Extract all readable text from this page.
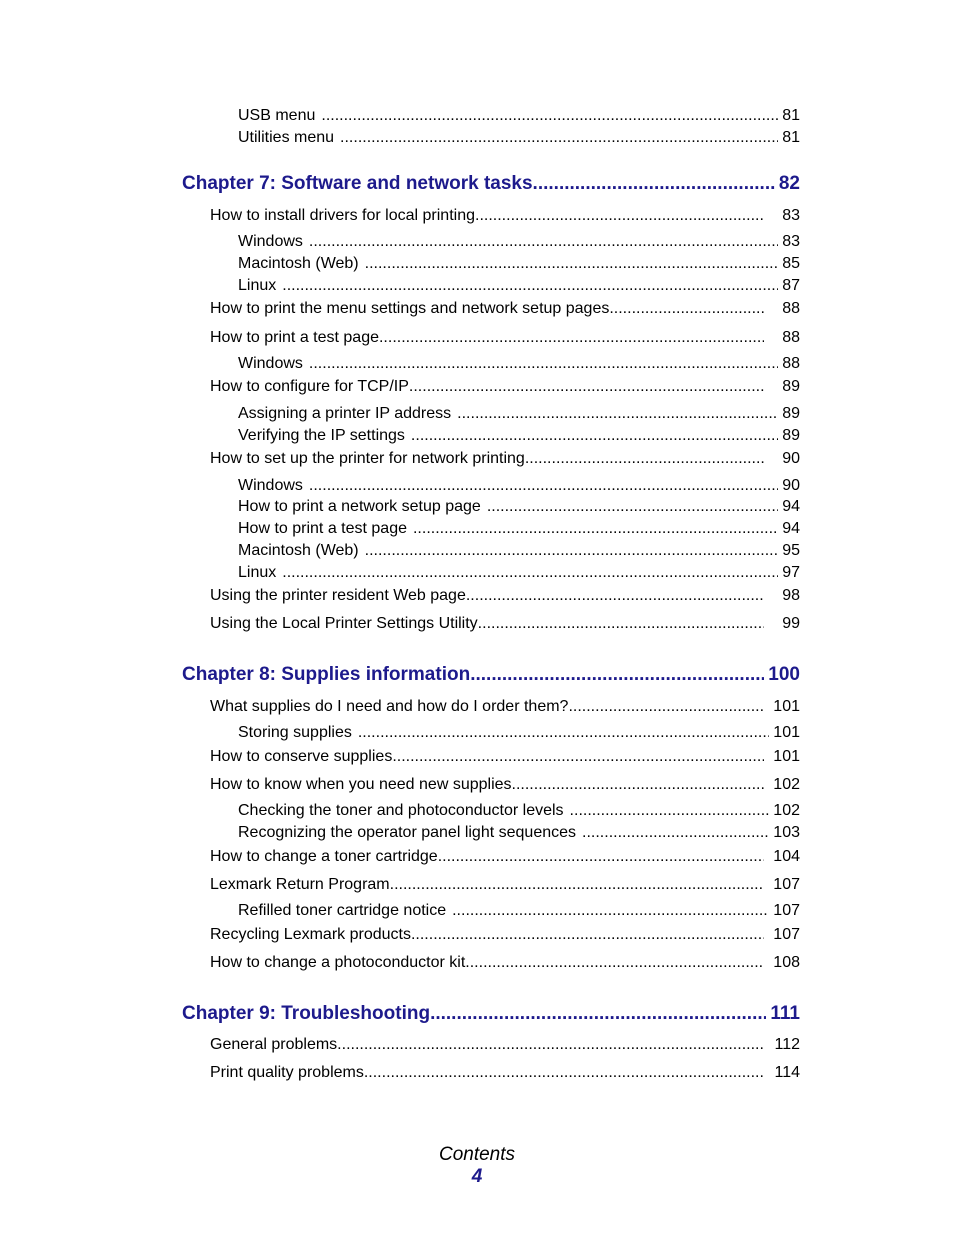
USB menu .....	81
Utilities menu .....	81
Chapter 7: Software and network tasks .....	82
How to install drivers for local printing .....	83
Windows .....	83
Macintosh (Web) .....	85
Linux .....	87
How to print the menu settings and network setup pages .....	88
How to print a test page .....	88
Windows .....	88
How to configure for TCP/IP .....	89
Assigning a printer IP address .....	89
Verifying the IP settings .....	89
How to set up the printer for network printing .....	90
Windows .....	90
How to print a network setup page .....	94
How to print a test page .....	94
Macintosh (Web) .....	95
Linux .....	97
Using the printer resident Web page .....	98
Using the Local Printer Settings Utility .....	99
Chapter 8: Supplies information .....	100
What supplies do I need and how do I order them? .....	101
Storing supplies .....	101
How to conserve supplies .....	101
How to know when you need new supplies .....	102
Checking the toner and photoconductor levels .....	102
Recognizing the operator panel light sequences .....	103
How to change a toner cartridge .....	104
Lexmark Return Program .....	107
Refilled toner cartridge notice .....	107
Recycling Lexmark products .....	107
How to change a photoconductor kit .....	108
Chapter 9: Troubleshooting .....	111
General problems .....	112
Print quality problems .....	114
Contents
4
